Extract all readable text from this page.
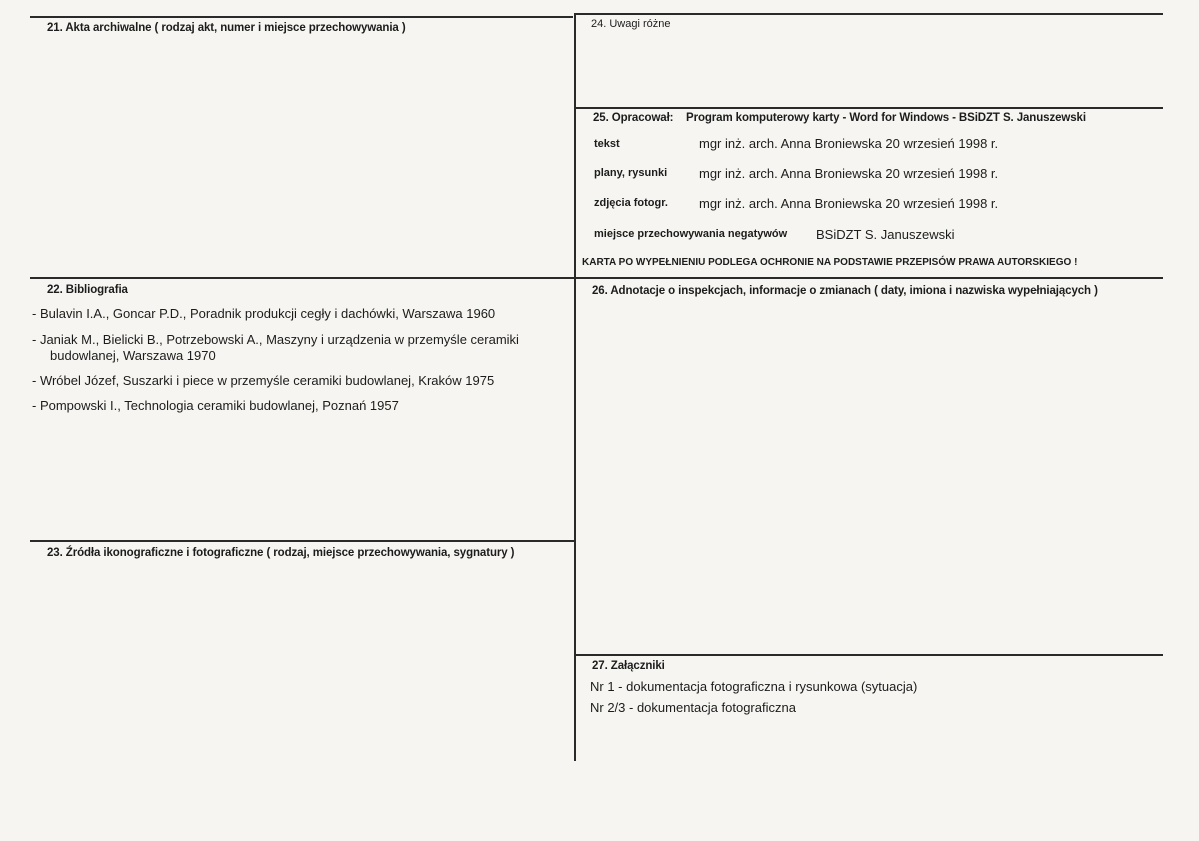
21. Akta archiwalne ( rodzaj akt, numer i miejsce przechowywania )
22. Bibliografia
- Bulavin I.A., Goncar P.D., Poradnik produkcji cegły i dachówki, Warszawa 1960
- Janiak M., Bielicki B., Potrzebowski A., Maszyny i urządzenia w przemyśle ceramiki
budowlanej, Warszawa 1970
- Wróbel Józef, Suszarki i piece w przemyśle ceramiki budowlanej, Kraków 1975
- Pompowski I., Technologia ceramiki budowlanej, Poznań 1957
23. Źródła ikonograficzne i fotograficzne ( rodzaj, miejsce przechowywania, sygnatury )
24. Uwagi różne
25. Opracował: Program komputerowy karty - Word for Windows - BSiDZT S. Januszewski
tekst	mgr inż. arch. Anna Broniewska 20 wrzesień 1998 r.
plany, rysunki mgr inż. arch. Anna Broniewska 20 wrzesień 1998 r.
zdjęcia fotogr. mgr inż. arch. Anna Broniewska 20 wrzesień 1998 r.
miejsce przechowywania negatywów BSiDZT S. Januszewski
KARTA PO WYPEŁNIENIU PODLEGA OCHRONIE NA PODSTAWIE PRZEPISÓW PRAWA AUTORSKIEGO !
26. Adnotacje o inspekcjach, informacje o zmianach ( daty, imiona i nazwiska wypełniających )
27. Załączniki
Nr 1 - dokumentacja fotograficzna i rysunkowa (sytuacja)
Nr 2/3 - dokumentacja fotograficzna
